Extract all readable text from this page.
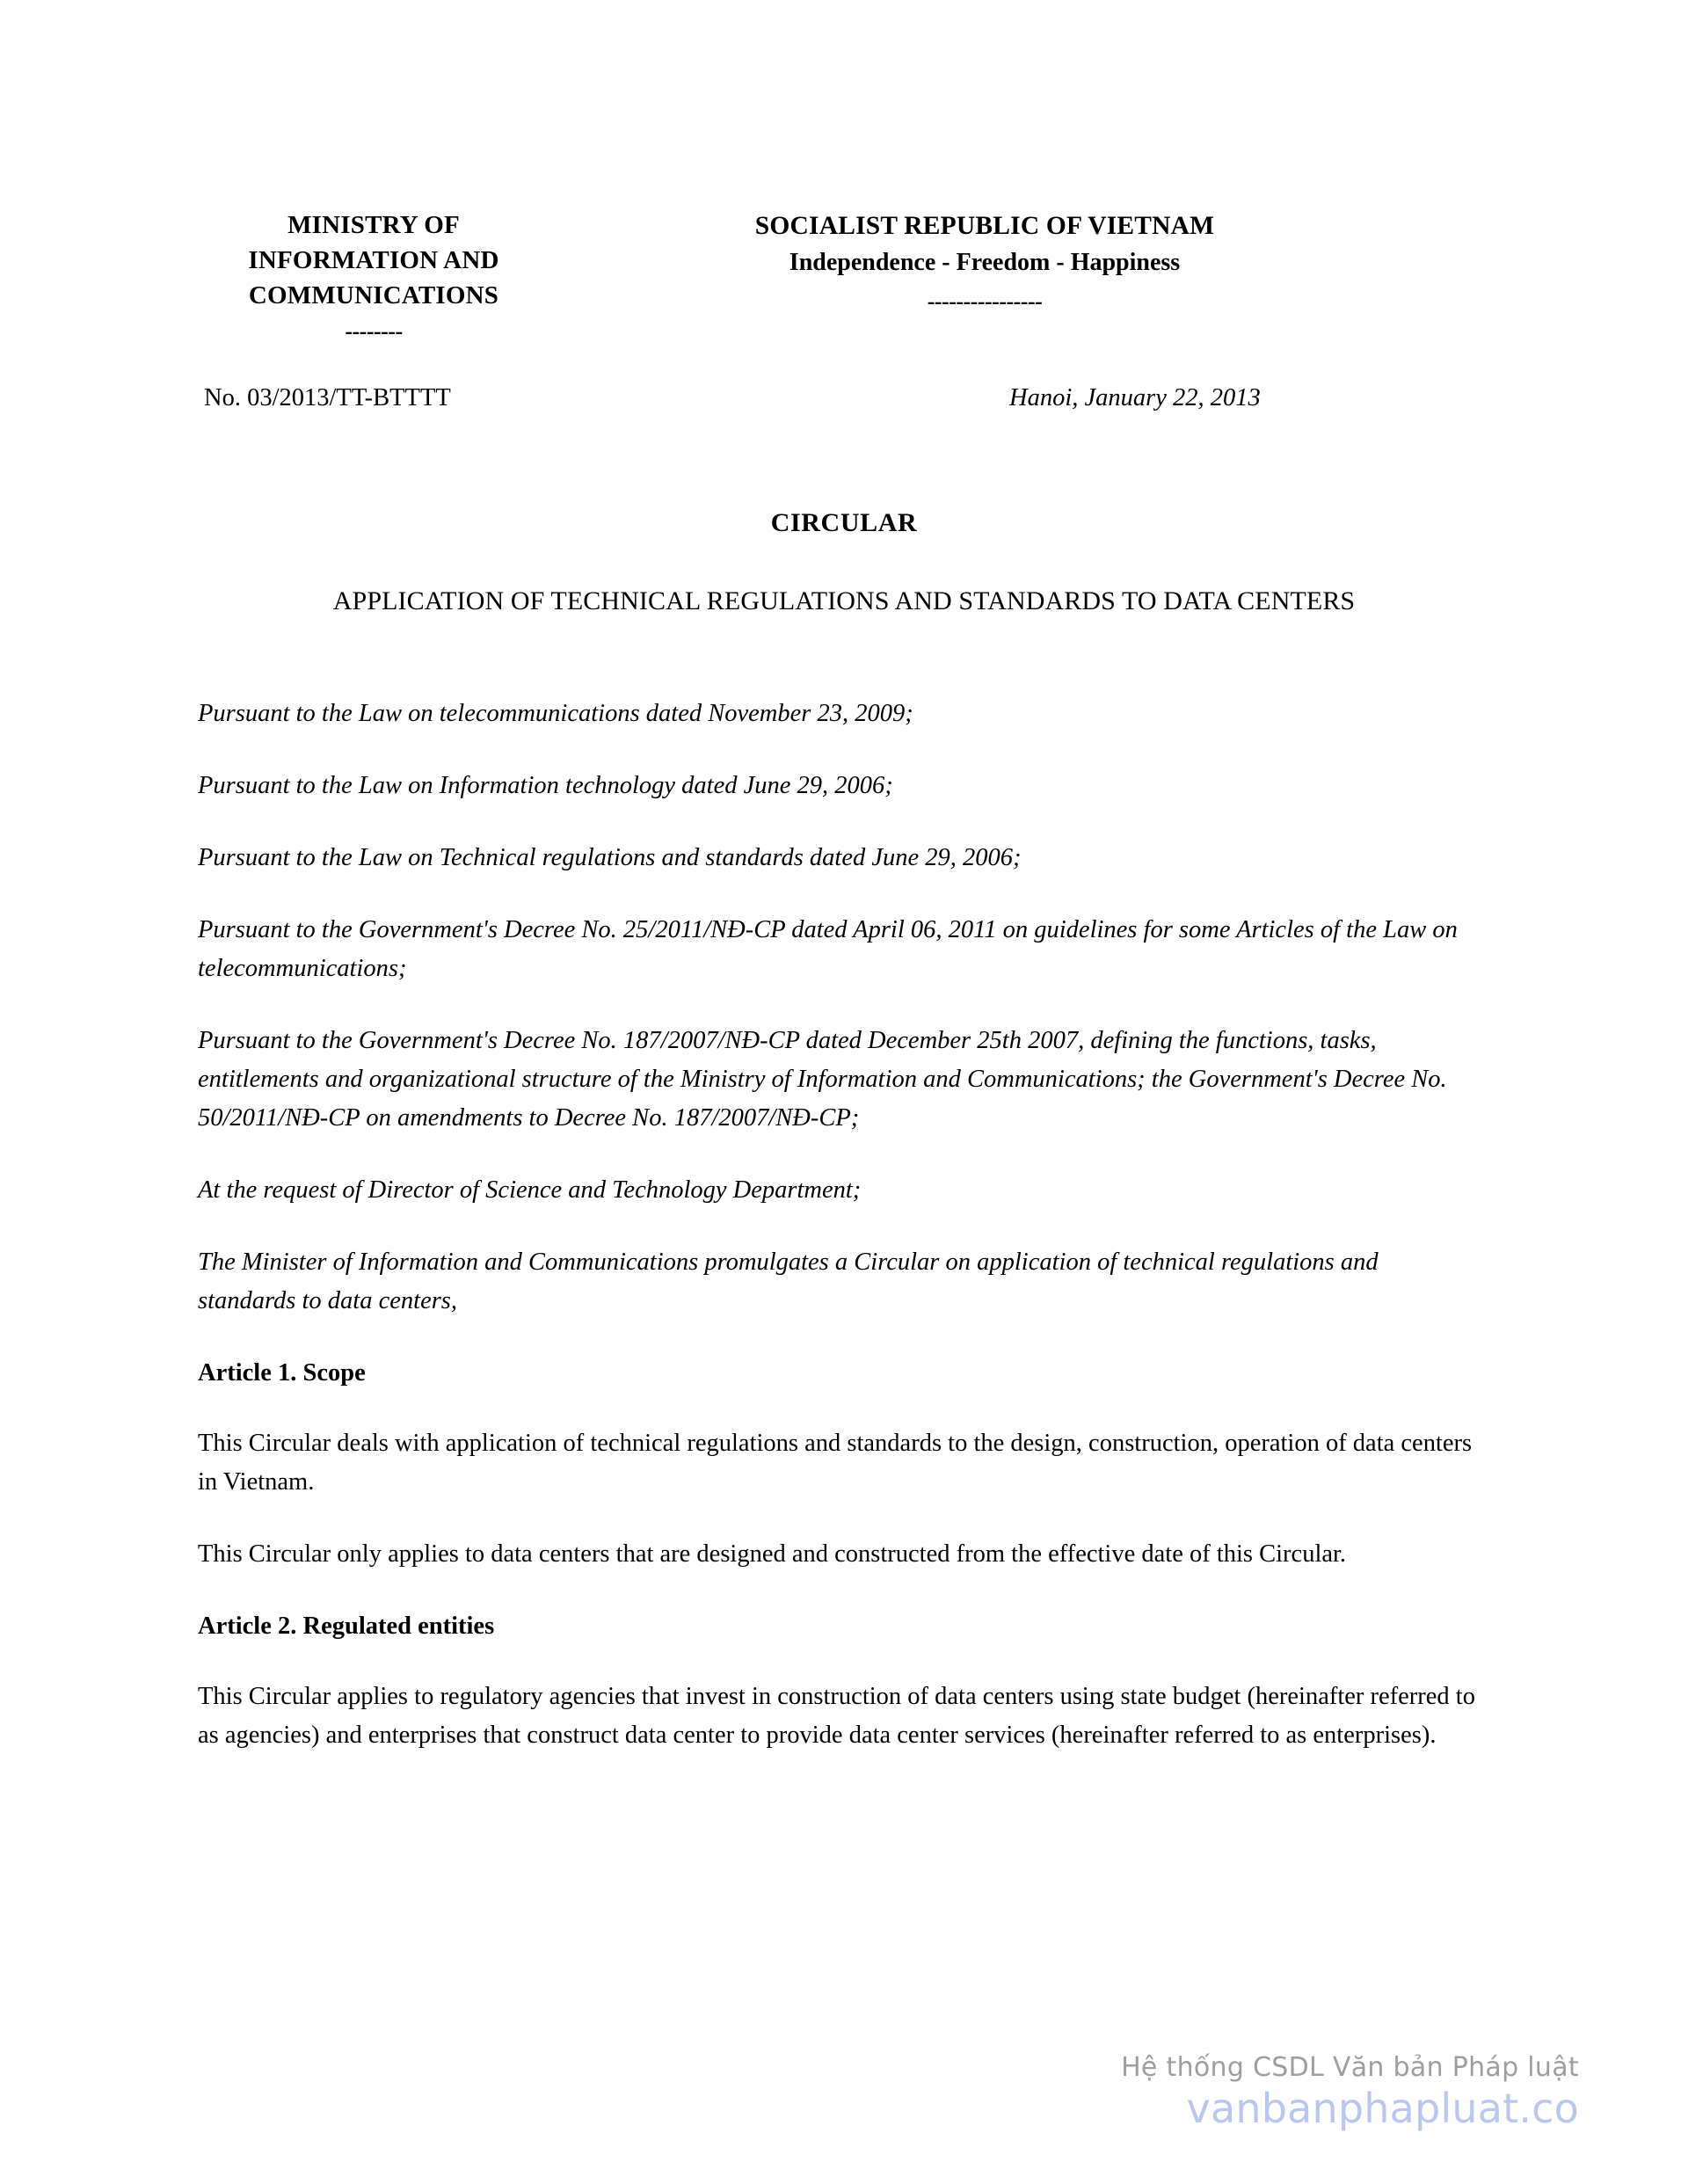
MINISTRY OF
INFORMATION AND
COMMUNICATIONS
--------
SOCIALIST REPUBLIC OF VIETNAM
Independence - Freedom - Happiness
----------------
No. 03/2013/TT-BTTTT	Hanoi, January 22, 2013
CIRCULAR
APPLICATION OF TECHNICAL REGULATIONS AND STANDARDS TO DATA CENTERS

Pursuant to the Law on telecommunications dated November 23, 2009;

Pursuant to the Law on Information technology dated June 29, 2006;

Pursuant to the Law on Technical regulations and standards dated June 29, 2006;

Pursuant to the Government's Decree No. 25/2011/NĐ-CP dated April 06, 2011 on guidelines for some Articles of the Law on telecommunications;

Pursuant to the Government's Decree No. 187/2007/NĐ-CP dated December 25th 2007, defining the functions, tasks, entitlements and organizational structure of the Ministry of Information and Communications; the Government's Decree No. 50/2011/NĐ-CP on amendments to Decree No. 187/2007/NĐ-CP;

At the request of Director of Science and Technology Department;

The Minister of Information and Communications promulgates a Circular on application of technical regulations and standards to data centers,

Article 1. Scope

This Circular deals with application of technical regulations and standards to the design, construction, operation of data centers in Vietnam.

This Circular only applies to data centers that are designed and constructed from the effective date of this Circular.

Article 2. Regulated entities

This Circular applies to regulatory agencies that invest in construction of data centers using state budget (hereinafter referred to as agencies) and enterprises that construct data center to provide data center services (hereinafter referred to as enterprises).

Hệ thống CSDL Văn bản Pháp luật
vanbanphapluat.co
